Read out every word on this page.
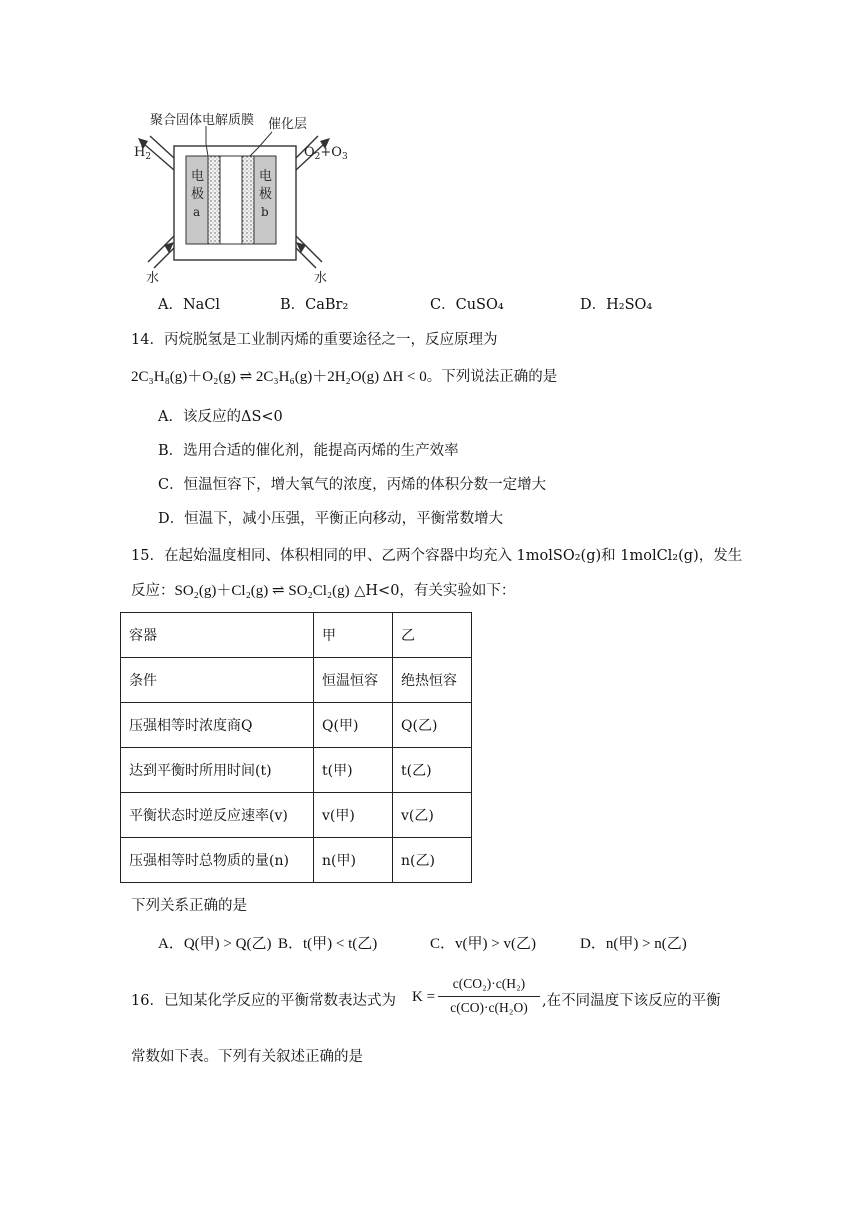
聚合固体电解质膜 催化层
$H_2$	$O_2+O_3$
电
极
a
电
极
b
水	水
A．NaCl	B．CaBr₂	C．CuSO₄	D．H₂SO₄
14．丙烷脱氢是工业制丙烯的重要途径之一，反应原理为
2C₃H₈(g)＋O₂(g) ⇌ 2C₃H₆(g)＋2H₂O(g) ΔH < 0。下列说法正确的是
A．该反应的ΔS<0
B．选用合适的催化剂，能提高丙烯的生产效率
C．恒温恒容下，增大氧气的浓度，丙烯的体积分数一定增大
D．恒温下，减小压强，平衡正向移动，平衡常数增大
15．在起始温度相同、体积相同的甲、乙两个容器中均充入 1molSO₂(g)和 1molCl₂(g)，发生
反应：SO₂(g)＋Cl₂(g) ⇌ SO₂Cl₂(g) △H<0，有关实验如下：
容器	甲	乙
条件	恒温恒容	绝热恒容
压强相等时浓度商Q	Q(甲)	Q(乙)
达到平衡时所用时间(t)	t(甲)	t(乙)
平衡状态时逆反应速率(v)	v(甲)	v(乙)
压强相等时总物质的量(n)	n(甲)	n(乙)
下列关系正确的是
A．Q(甲) > Q(乙) B．t(甲) < t(乙)	C．v(甲) > v(乙)	D．n(甲) > n(乙)
16．已知某化学反应的平衡常数表达式为 K =
c(CO₂)·c(H₂)
c(CO)·c(H₂O) ,在不同温度下该反应的平衡
常数如下表。下列有关叙述正确的是
